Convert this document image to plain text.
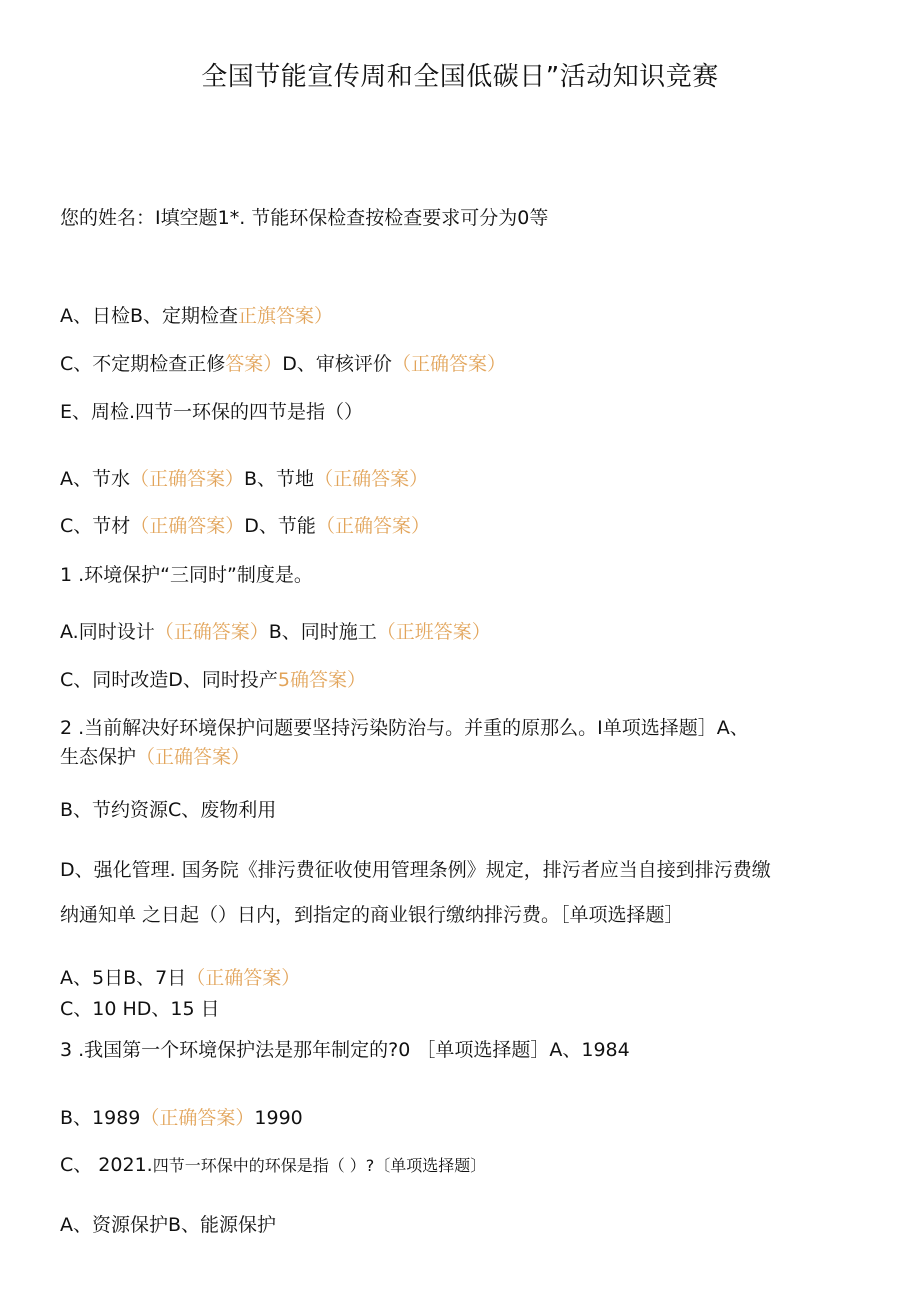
全国节能宣传周和全国低碳日”活动知识竞赛
您的姓名：I填空题1*. 节能环保检查按检查要求可分为0等
A、日检B、定期检查正旗答案）
C、不定期检查正修答案）D、审核评价（正确答案）
E、周检.四节一环保的四节是指（）
A、节水（正确答案）B、节地（正确答案）
C、节材（正确答案）D、节能（正确答案）
1 .环境保护“三同时”制度是。
A.同时设计（正确答案）B、同时施工（正班答案）
C、同时改造D、同时投产5确答案）
2 .当前解决好环境保护问题要坚持污染防治与。并重的原那么。I单项选择题］A、
生态保护（正确答案）
B、节约资源C、废物利用
D、强化管理. 国务院《排污费征收使用管理条例》规定，排污者应当自接到排污费缴
纳通知单 之日起（）日内，到指定的商业银行缴纳排污费。［单项选择题］
A、5日B、7日（正确答案）
C、10 HD、15 日
3 .我国第一个环境保护法是那年制定的?0 ［单项选择题］A、1984
B、1989（正确答案）1990
C、 2021.四节一环保中的环保是指（ ）?〔单项选择题〕
A、资源保护B、能源保护
